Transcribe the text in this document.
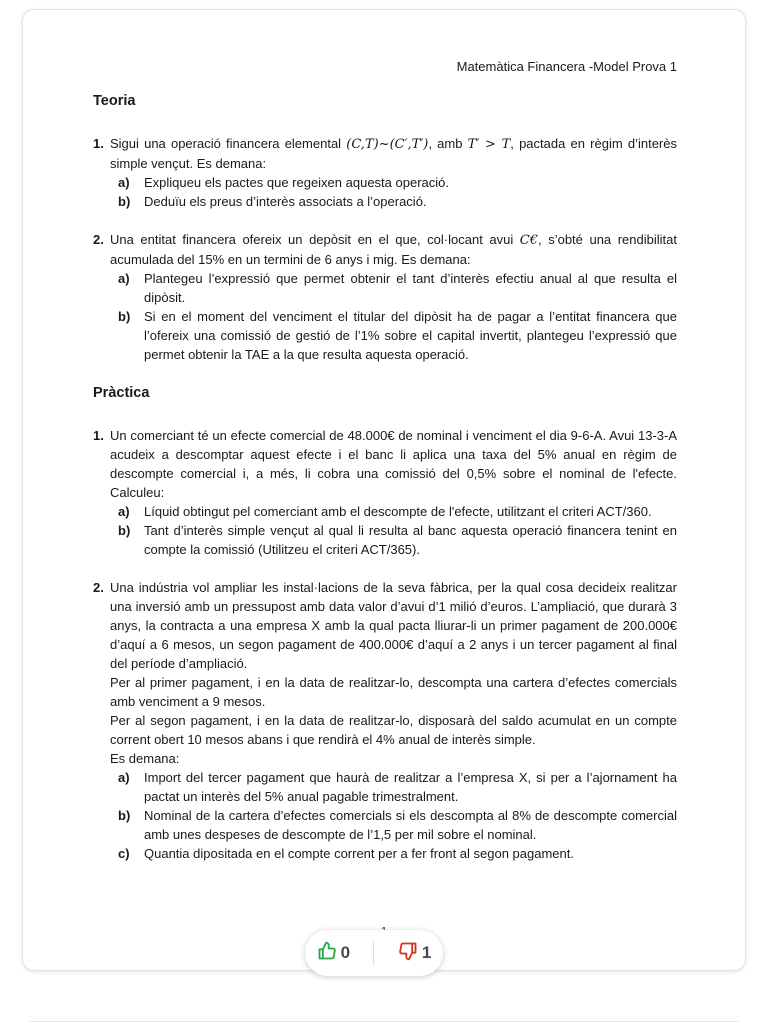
Matemàtica Financera -Model Prova 1
Teoria
1. Sigui una operació financera elemental (C,T)~(C′,T′), amb T′ > T, pactada en règim d’interès simple vençut. Es demana:

a) Expliqueu els pactes que regeixen aquesta operació.
b) Deduïu els preus d’interès associats a l’operació.
2. Una entitat financera ofereix un depòsit en el que, col·locant avui C€, s’obté una rendibilitat acumulada del 15% en un termini de 6 anys i mig. Es demana:

a) Plantegeu l’expressió que permet obtenir el tant d’interès efectiu anual al que resulta el dipòsit.
b) Si en el moment del venciment el titular del dipòsit ha de pagar a l’entitat financera que l’ofereix una comissió de gestió de l’1% sobre el capital invertit, plantegeu l’expressió que permet obtenir la TAE a la que resulta aquesta operació.
Pràctica
1. Un comerciant té un efecte comercial de 48.000€ de nominal i venciment el dia 9-6-A. Avui 13-3-A acudeix a descomptar aquest efecte i el banc li aplica una taxa del 5% anual en règim de descompte comercial i, a més, li cobra una comissió del 0,5% sobre el nominal de l'efecte. Calculeu:

a) Líquid obtingut pel comerciant amb el descompte de l'efecte, utilitzant el criteri ACT/360.
b) Tant d’interès simple vençut al qual li resulta al banc aquesta operació financera tenint en compte la comissió (Utilitzeu el criteri ACT/365).
2. Una indústria vol ampliar les instal·lacions de la seva fàbrica, per la qual cosa decideix realitzar una inversió amb un pressupost amb data valor d’avui d’1 milió d’euros. L’ampliació, que durarà 3 anys, la contracta a una empresa X amb la qual pacta lliurar-li un primer pagament de 200.000€ d’aquí a 6 mesos, un segon pagament de 400.000€ d’aquí a 2 anys i un tercer pagament al final del període d’ampliació.

Per al primer pagament, i en la data de realitzar-lo, descompta una cartera d’efectes comercials amb venciment a 9 mesos.

Per al segon pagament, i en la data de realitzar-lo, disposarà del saldo acumulat en un compte corrent obert 10 mesos abans i que rendirà el 4% anual de interès simple.

Es demana:

a) Import del tercer pagament que haurà de realitzar a l’empresa X, si per a l’ajornament ha pactat un interès del 5% anual pagable trimestralment.
b) Nominal de la cartera d’efectes comercials si els descompta al 8% de descompte comercial amb unes despeses de descompte de l’1,5 per mil sobre el nominal.
c) Quantia dipositada en el compte corrent per a fer front al segon pagament.
0	1
